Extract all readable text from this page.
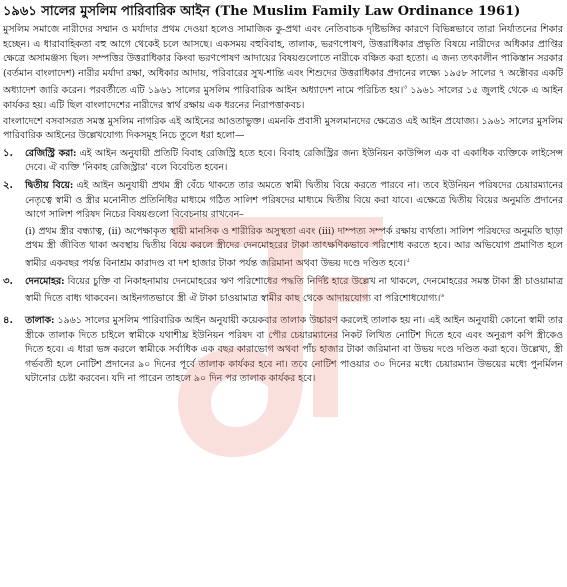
১৯৬১ সালের মুসলিম পারিবারিক আইন (The Muslim Family Law Ordinance 1961)

মুসলিম সমাজে নারীদের সম্মান ও মর্যাদার প্রথম দেওয়া হলেও সামাজিক কু-প্রথা এবং নেতিবাচক দৃষ্টিভঙ্গির কারণে বিভিন্নভাবে তারা নির্যাতনের শিকার হচ্ছেন। এ ধারাবাহিকতা বহু আগে থেকেই চলে আসছে। একসময় বহুবিবাহ, তালাক, ভরণপোষণ, উত্তরাধিকার প্রভৃতি বিষয়ে নারীদের অধিকার প্রাপ্তির ক্ষেত্রে অসামঞ্জস্য ছিল। সম্পত্তির উত্তরাধিকার কিংবা ভরণপোষণ আদায়ের বিষয়গুলোতে নারীকে বঞ্চিত করা হতো। এ জন্য তৎকালীন পাকিস্তান সরকার (বর্তমান বাংলাদেশ) নারীর মর্যাদা রক্ষা, অধিকার আদায়, পরিবারের সুখ-শান্তি এবং শিশুদের উত্তরাধিকার প্রদানের লক্ষ্যে ১৯৫৮ সালের ৭ অক্টোবর একটি অধ্যাদেশ জারি করেন। পরবর্তীতে এটি ১৯৬১ সালের মুসলিম পারিবারিক আইন অধ্যাদেশ নামে পরিচিত হয়।$^৩$ ১৯৬১ সালের ১৫ জুলাই থেকে এ আইন কার্যকর হয়। এটি ছিল বাংলাদেশের নারীদের স্বার্থ রক্ষায় এক ধরনের নিরাপত্তাকবচ।

বাংলাদেশে বসবাসরত সমস্ত মুসলিম নাগরিক এই আইনের আওতাভুক্ত। এমনকি প্রবাসী মুসলমানদের ক্ষেত্রেও এই আইন প্রযোজ্য। ১৯৬১ সালের মুসলিম পারিবারিক আইনের উল্লেখযোগ্য দিকসমূহ নিচে তুলে ধরা হলো—

১.	রেজিস্ট্রি করা: এই আইন অনুযায়ী প্রতিটি বিবাহ রেজিস্ট্রি হতে হবে। বিবাহ রেজিস্ট্রির জন্য ইউনিয়ন কাউন্সিল এক বা একাধিক ব্যক্তিকে লাইসেন্স দেবে। ঐ ব্যক্তি 'নিকাহ রেজিস্ট্রার' বলে বিবেচিত হবেন।
২.	দ্বিতীয় বিয়ে: এই আইন অনুযায়ী প্রথম স্ত্রী বেঁচে থাকতে তার অমতে স্বামী দ্বিতীয় বিয়ে করতে পারবে না। তবে ইউনিয়ন পরিষদের চেয়ারম্যানের নেতৃত্বে স্বামী ও স্ত্রীর মনোনীত প্রতিনিধির মাধ্যমে গঠিত সালিশ পরিষদের মাধ্যমে দ্বিতীয় বিয়ে করা যাবে। এক্ষেত্রে দ্বিতীয় বিয়ের অনুমতি প্রদানের আগে সালিশ পরিষদ নিচের বিষয়গুলো বিবেচনায় রাখবেন–

(i) প্রথম স্ত্রীর বন্ধ্যাত্ব, (ii) অপেক্ষাকৃত স্থায়ী মানসিক ও শারীরিক অসুস্থতা এবং (iii) দাম্পত্য সম্পর্ক রক্ষায় ব্যর্থতা। সালিশ পরিষদের অনুমতি ছাড়া প্রথম স্ত্রী জীবিত থাকা অবস্থায় দ্বিতীয় বিয়ে করলে স্ত্রীদের দেনমোহরের টাকা তাৎক্ষণিকভাবে পরিশোধ করতে হবে। আর অভিযোগ প্রমাণিত হলে স্বামীর একবছর পর্যন্ত বিনাশ্রম কারাদণ্ড বা দশ হাজার টাকা পর্যন্ত জরিমানা অথবা উভয় দণ্ডে দণ্ডিত হবে।$^৫$

৩.	দেনমোহর: বিয়ের চুক্তি বা নিকাহনামায় দেনমোহরের ঋণ পরিশোধের পদ্ধতি নির্দিষ্ট হারে উল্লেখ না থাকলে, দেনমোহরের সমস্ত টাকা স্ত্রী চাওয়ামাত্র স্বামী দিতে বাধ্য থাকবেন। আইনগতভাবে স্ত্রী ঐ টাকা চাওয়ামাত্র স্বামীর কাছ থেকে আদায়যোগ্য বা পরিশোধযোগ্য।$^৬$
৪.	তালাক: ১৯৬১ সালের মুসলিম পারিবারিক আইন অনুযায়ী কয়েকবার তালাক উচ্চারণ করলেই তালাক হয় না। এই আইন অনুযায়ী কোনো স্বামী তার স্ত্রীকে তালাক দিতে চাইলে স্বামীকে যথাশীঘ্র ইউনিয়ন পরিষদ বা পৌর চেয়ারম্যানের নিকট লিখিত নোটিশ দিতে হবে এবং অনুরূপ কপি স্ত্রীকেও দিতে হবে। এ ধারা ভঙ্গ করলে স্বামীকে সর্বাধিক এক বছর কারাভোগ অথবা পাঁচ হাজার টাকা জরিমানা বা উভয় দণ্ডে দণ্ডিত করা হবে। উল্লেখ্য, স্ত্রী গর্ভবতী হলে নোটিশ প্রদানের ৯০ দিনের পূর্বে তালাক কার্যকর হবে না। তবে নোটিশ পাওয়ার ৩০ দিনের মধ্যে চেয়ারম্যান উভয়ের মধ্যে পুনর্মিলন ঘটানোর চেষ্টা করবেন। যদি না পারেন তাহলে ৯০ দিন পর তালাক কার্যকর হবে।
